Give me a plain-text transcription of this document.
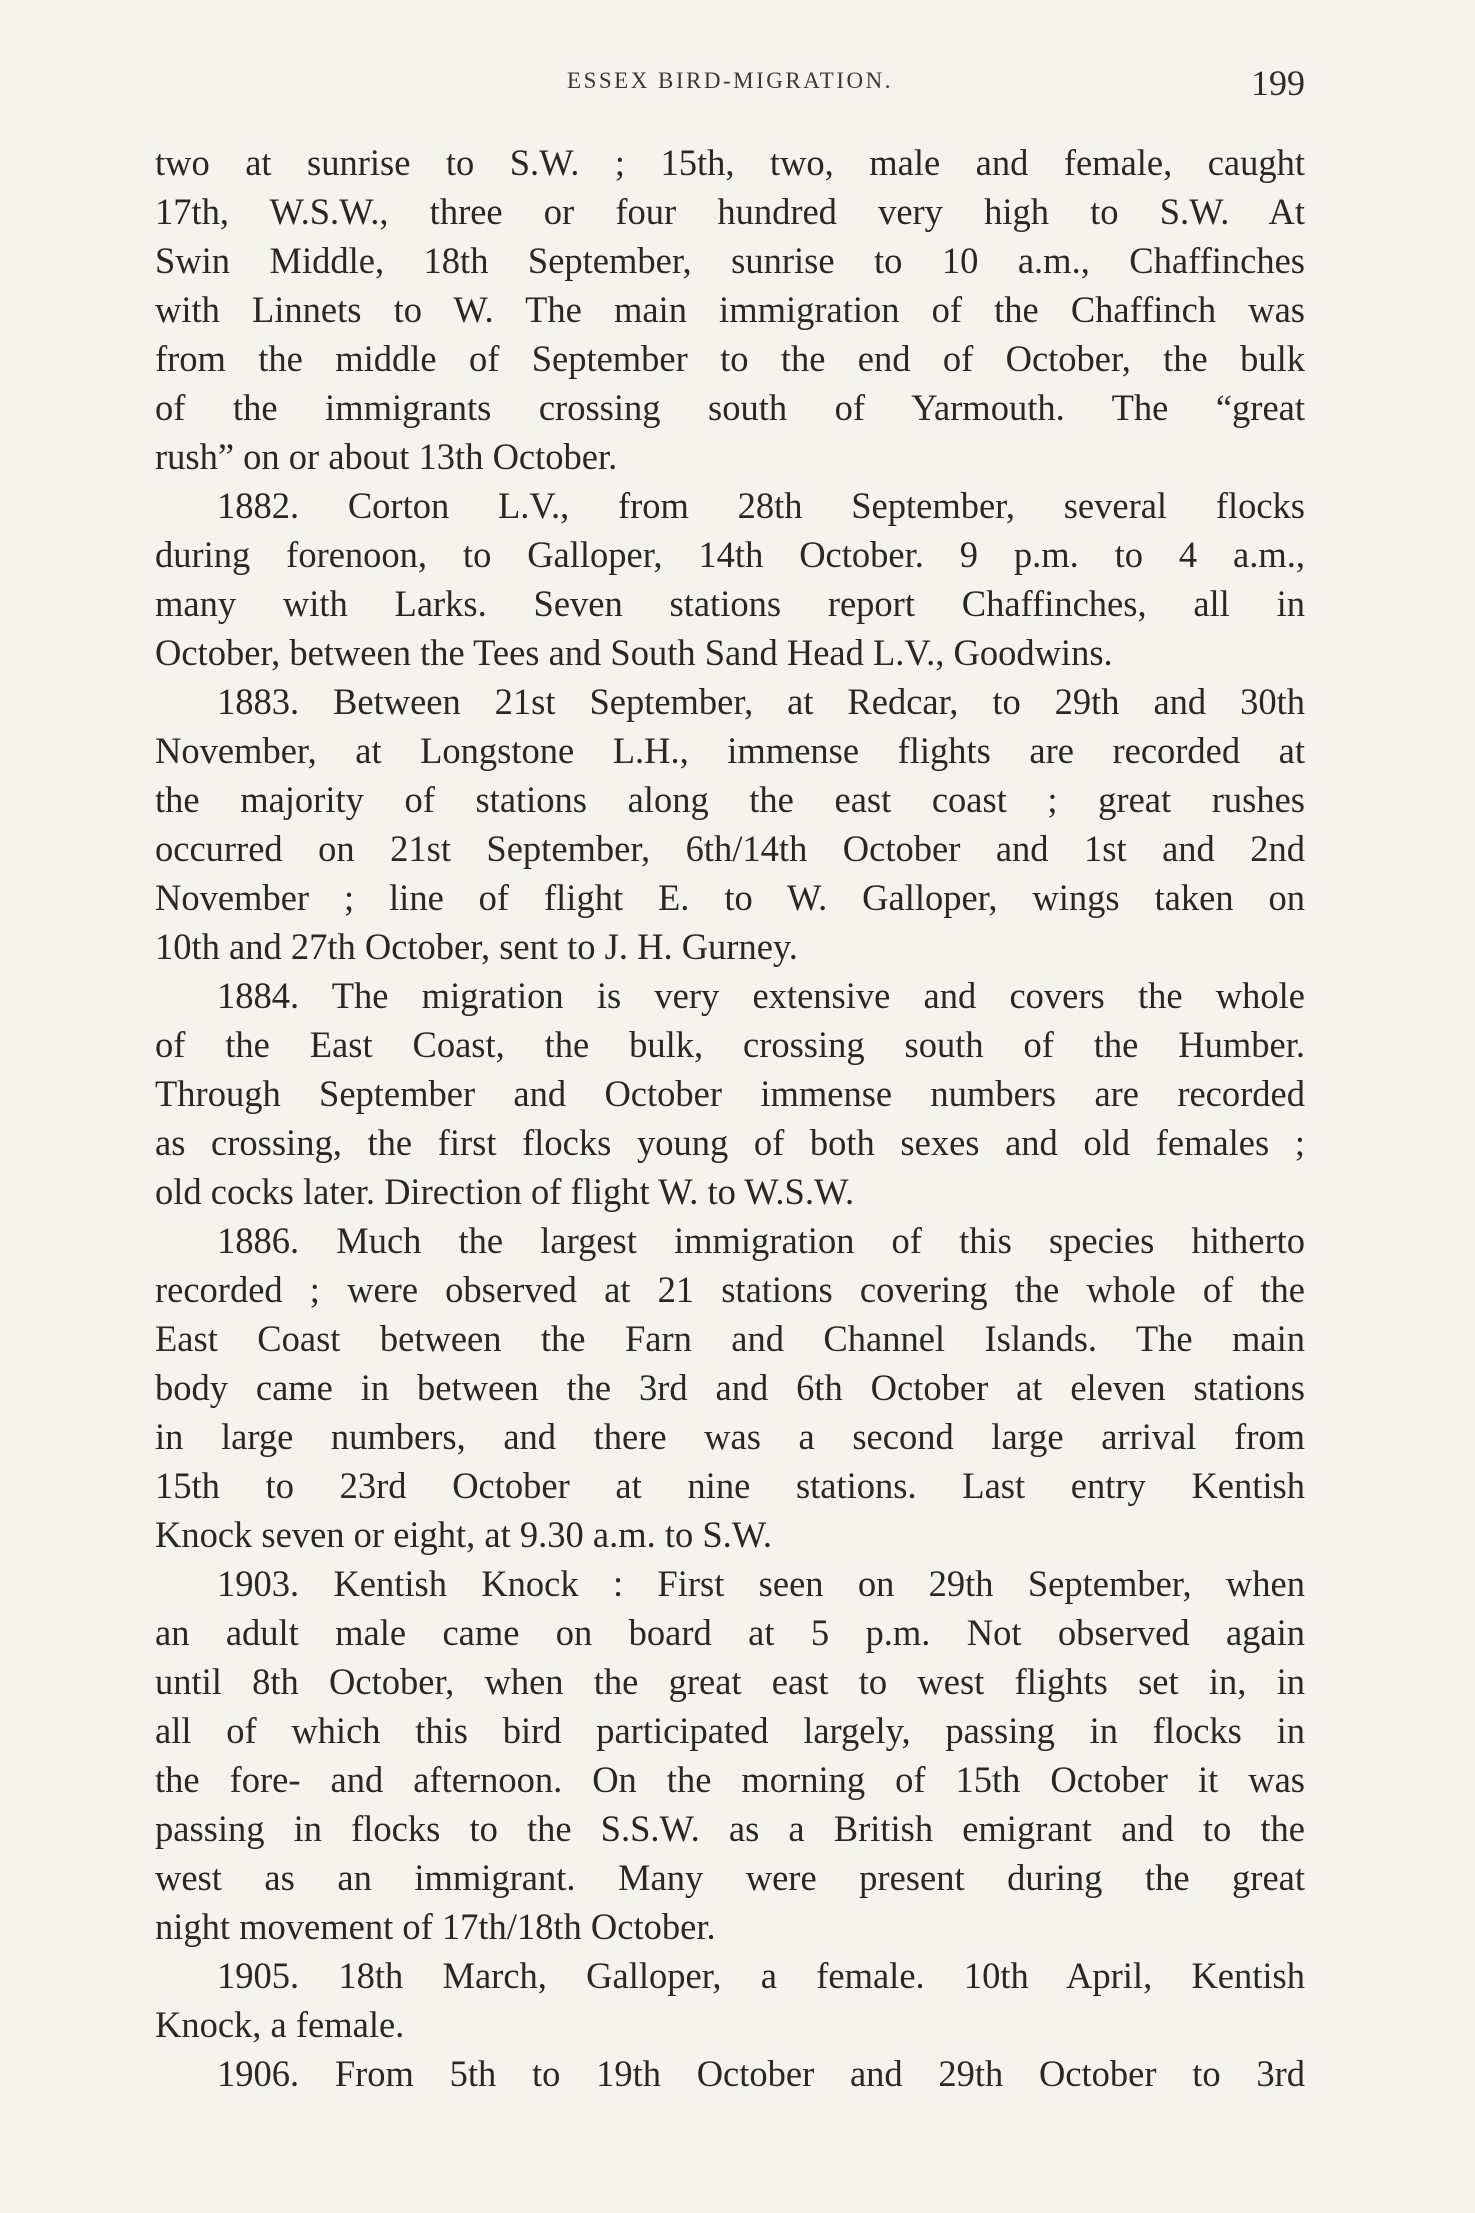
ESSEX BIRD-MIGRATION.	199
two at sunrise to S.W. ; 15th, two, male and female, caught
17th, W.S.W., three or four hundred very high to S.W. At
Swin Middle, 18th September, sunrise to 10 a.m., Chaffinches
with Linnets to W. The main immigration of the Chaffinch was
from the middle of September to the end of October, the bulk
of the immigrants crossing south of Yarmouth. The “great
rush” on or about 13th October.
1882. Corton L.V., from 28th September, several flocks
during forenoon, to Galloper, 14th October. 9 p.m. to 4 a.m.,
many with Larks. Seven stations report Chaffinches, all in
October, between the Tees and South Sand Head L.V., Goodwins.
1883. Between 21st September, at Redcar, to 29th and 30th
November, at Longstone L.H., immense flights are recorded at
the majority of stations along the east coast ; great rushes
occurred on 21st September, 6th/14th October and 1st and 2nd
November ; line of flight E. to W. Galloper, wings taken on
10th and 27th October, sent to J. H. Gurney.
1884. The migration is very extensive and covers the whole
of the East Coast, the bulk, crossing south of the Humber.
Through September and October immense numbers are recorded
as crossing, the first flocks young of both sexes and old females ;
old cocks later. Direction of flight W. to W.S.W.
1886. Much the largest immigration of this species hitherto
recorded ; were observed at 21 stations covering the whole of the
East Coast between the Farn and Channel Islands. The main
body came in between the 3rd and 6th October at eleven stations
in large numbers, and there was a second large arrival from
15th to 23rd October at nine stations. Last entry Kentish
Knock seven or eight, at 9.30 a.m. to S.W.
1903. Kentish Knock : First seen on 29th September, when
an adult male came on board at 5 p.m. Not observed again
until 8th October, when the great east to west flights set in, in
all of which this bird participated largely, passing in flocks in
the fore- and afternoon. On the morning of 15th October it was
passing in flocks to the S.S.W. as a British emigrant and to the
west as an immigrant. Many were present during the great
night movement of 17th/18th October.
1905. 18th March, Galloper, a female. 10th April, Kentish
Knock, a female.
1906. From 5th to 19th October and 29th October to 3rd
